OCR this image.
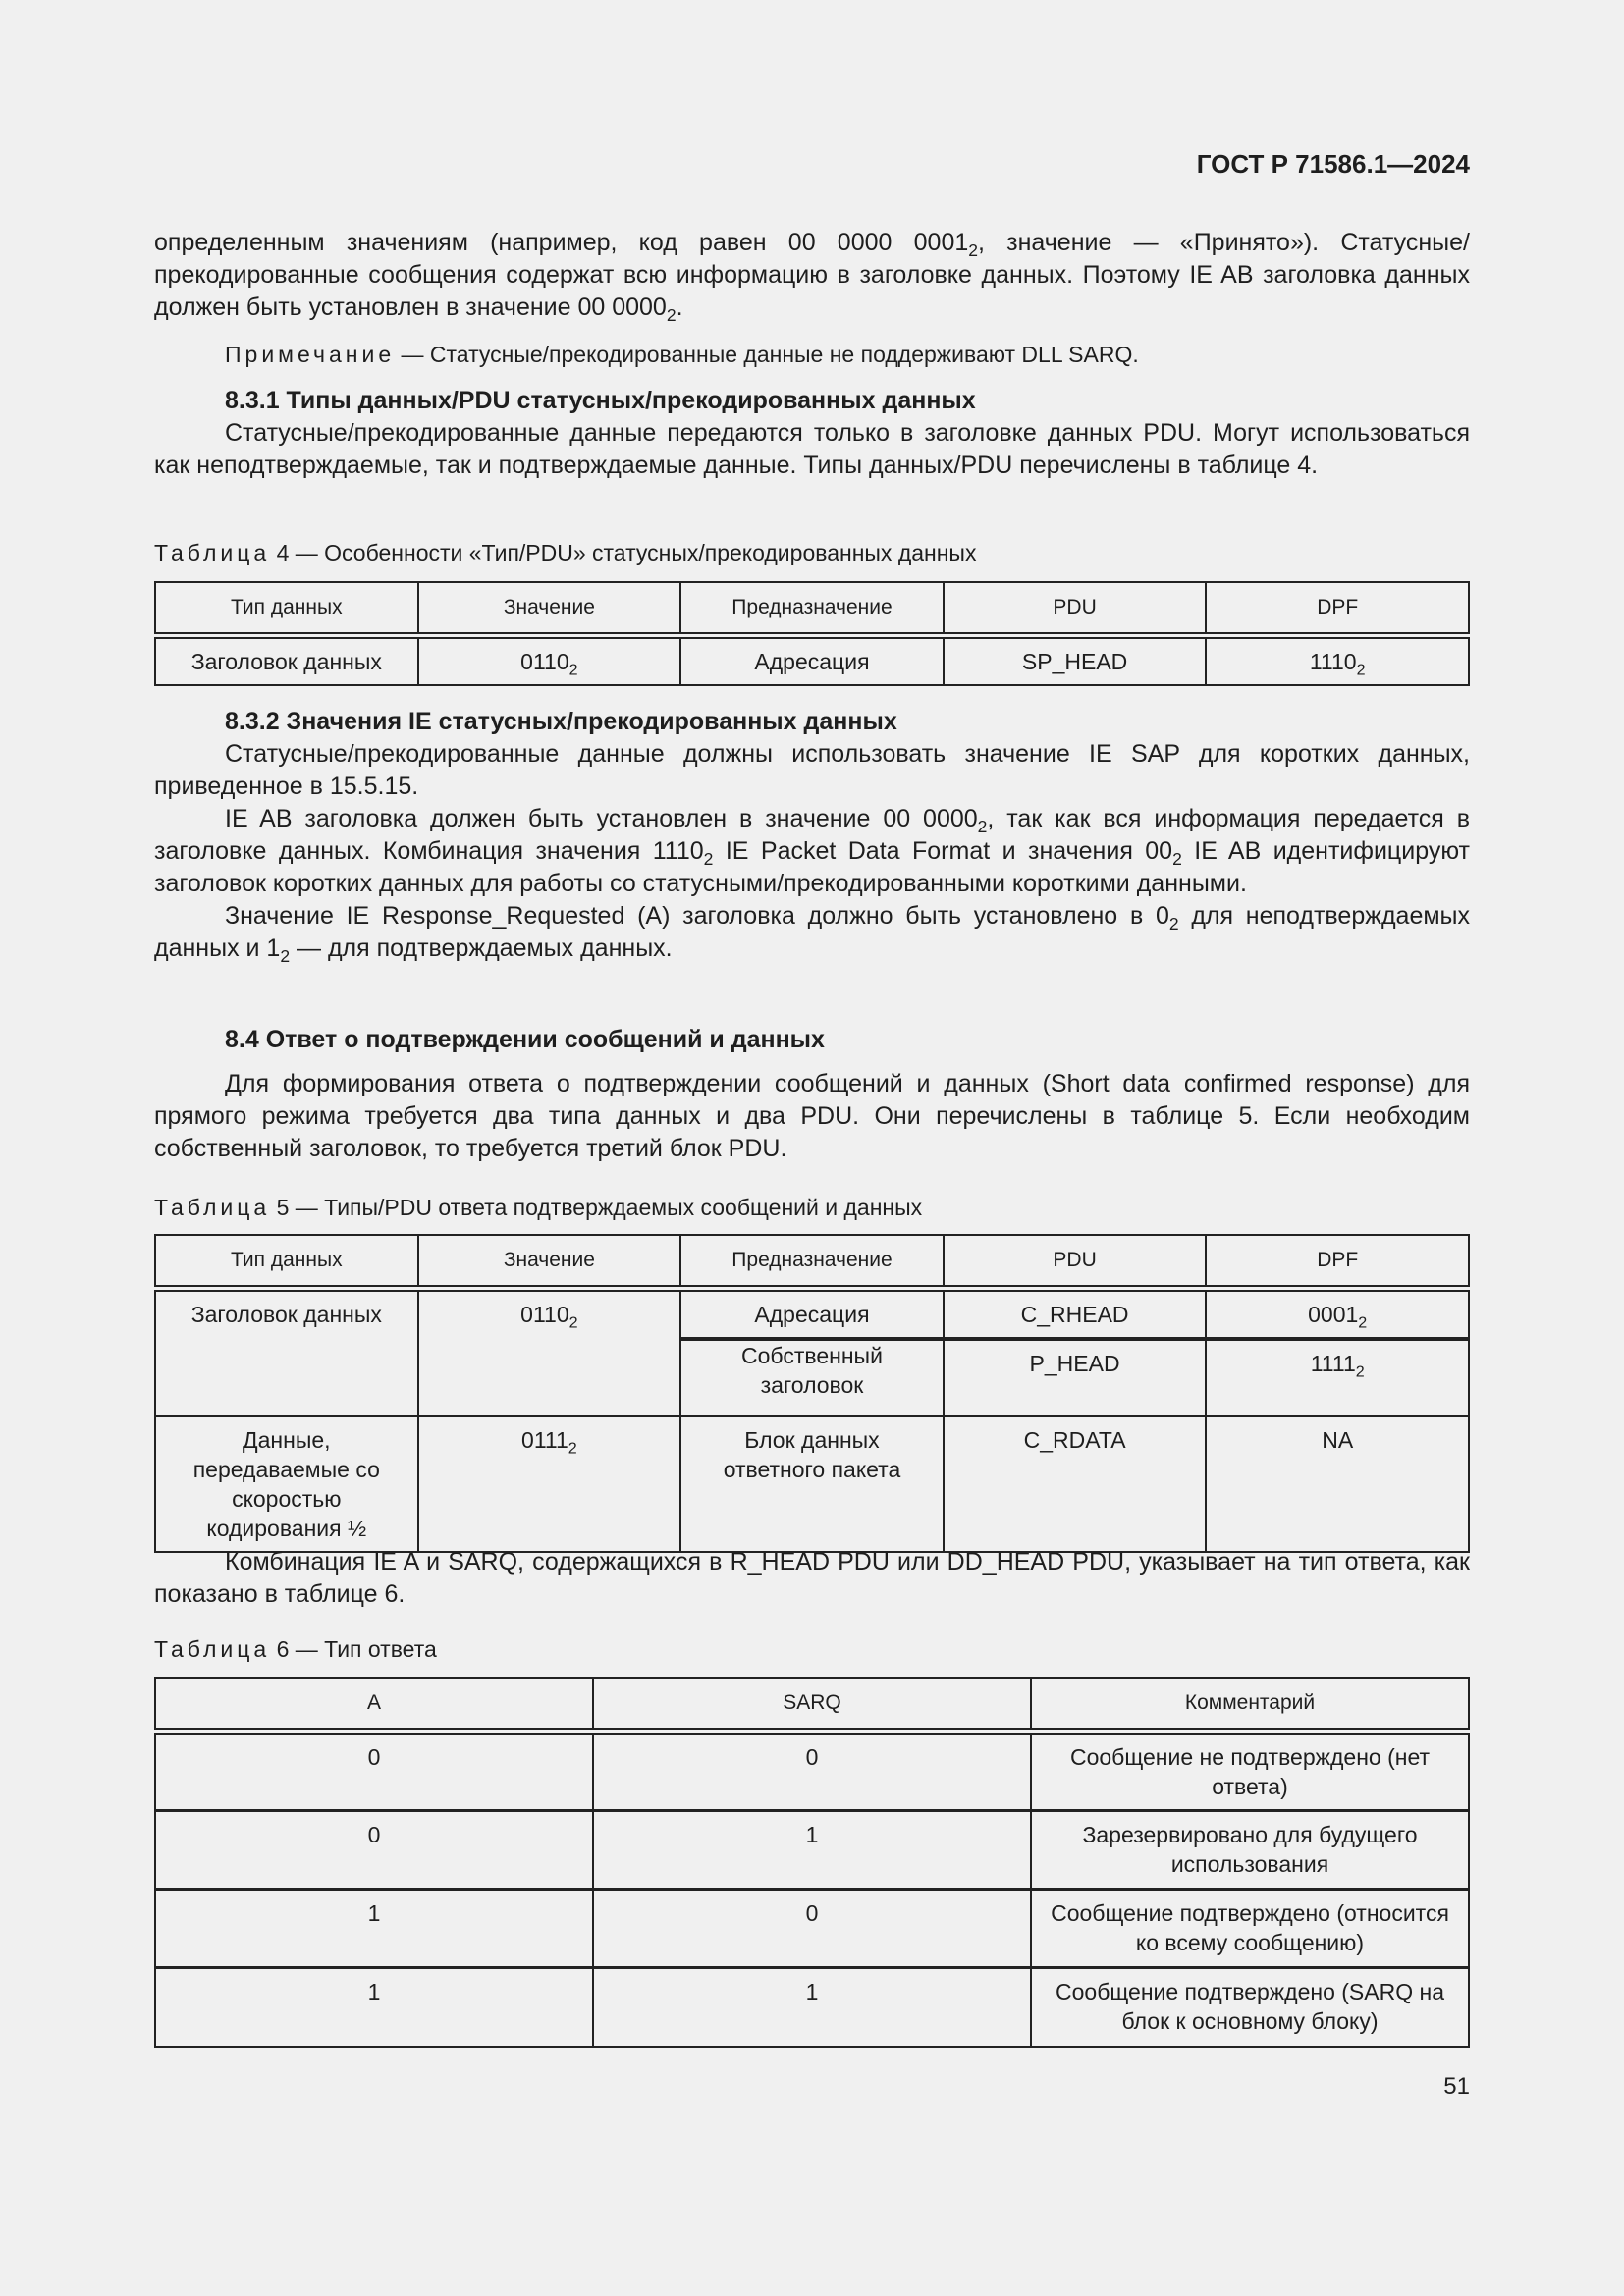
ГОСТ Р 71586.1—2024

определенным значениям (например, код равен 00 0000 $0001_2$, значение — «Принято»). Статусные/прекодированные сообщения содержат всю информацию в заголовке данных. Поэтому IE AB заголовка данных должен быть установлен в значение 00 $0000_2$.

Примечание — Статусные/прекодированные данные не поддерживают DLL SARQ.

8.3.1 Типы данных/PDU статусных/прекодированных данных

Статусные/прекодированные данные передаются только в заголовке данных PDU. Могут использоваться как неподтверждаемые, так и подтверждаемые данные. Типы данных/PDU перечислены в таблице 4.

Таблица 4 — Особенности «Тип/PDU» статусных/прекодированных данных
Тип данных	Значение	Предназначение	PDU	DPF
Заголовок данных	$0110_2$	Адресация	SP_HEAD	$1110_2$
8.3.2 Значения IE статусных/прекодированных данных

Статусные/прекодированные данные должны использовать значение IE SAP для коротких данных, приведенное в 15.5.15.

IE AB заголовка должен быть установлен в значение 00 $0000_2$, так как вся информация передается в заголовке данных. Комбинация значения $1110_2$ IE Packet Data Format и значения $00_2$ IE AB идентифицируют заголовок коротких данных для работы со статусными/прекодированными короткими данными.

Значение IE Response_Requested (A) заголовка должно быть установлено в $0_2$ для неподтверждаемых данных и $1_2$ — для подтверждаемых данных.

8.4 Ответ о подтверждении сообщений и данных

Для формирования ответа о подтверждении сообщений и данных (Short data confirmed response) для прямого режима требуется два типа данных и два PDU. Они перечислены в таблице 5. Если необходим собственный заголовок, то требуется третий блок PDU.

Таблица 5 — Типы/PDU ответа подтверждаемых сообщений и данных
Тип данных	Значение	Предназначение	PDU	DPF
Заголовок данных	$0110_2$	Адресация	C_RHEAD	$0001_2$
		Собственный заголовок	P_HEAD	$1111_2$
Данные, передаваемые со скоростью кодирования ½	$0111_2$	Блок данных ответного пакета	C_RDATA	NA

Комбинация IE A и SARQ, содержащихся в R_HEAD PDU или DD_HEAD PDU, указывает на тип ответа, как показано в таблице 6.

Таблица 6 — Тип ответа
A	SARQ	Комментарий
0	0	Сообщение не подтверждено (нет ответа)
0	1	Зарезервировано для будущего использования
1	0	Сообщение подтверждено (относится ко всему сообщению)
1	1	Сообщение подтверждено (SARQ на блок к основному блоку)
51
